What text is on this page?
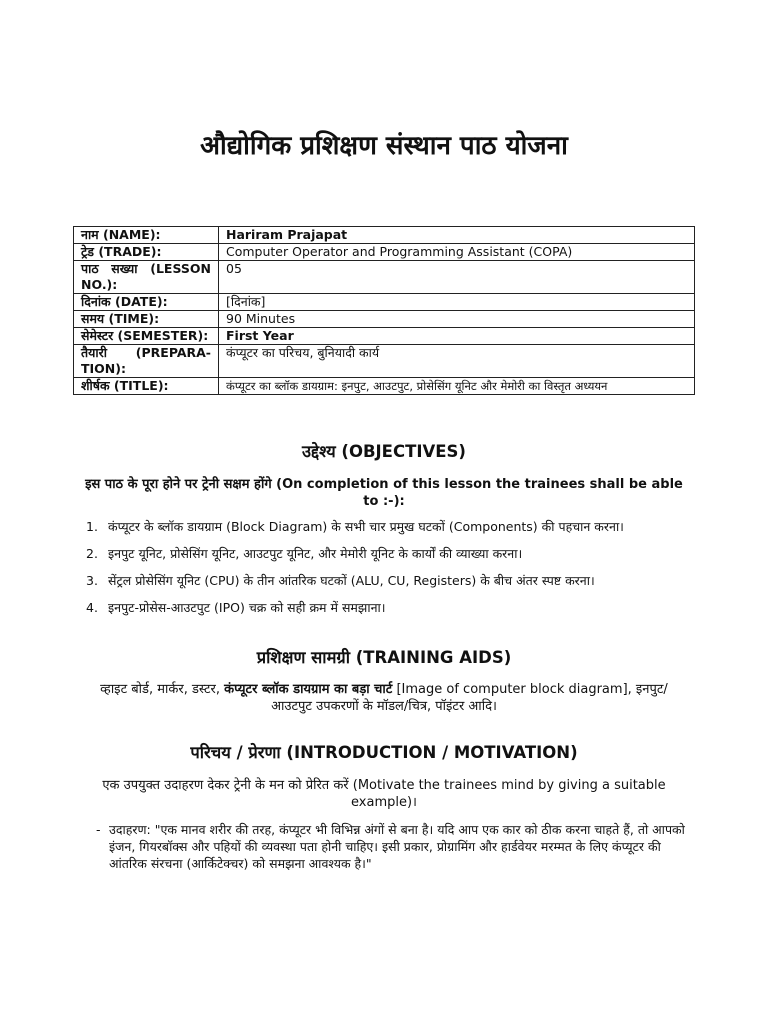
औद्योगिक प्रशिक्षण संस्थान पाठ योजना
नाम (NAME):	Hariram Prajapat
ट्रेड (TRADE):	Computer Operator and Programming Assistant (COPA)
पाठ सख्या (LESSON NO.):	05
दिनांक (DATE):	[दिनांक]
समय (TIME):	90 Minutes
सेमेस्टर (SEMESTER):	First Year
तैयारी (PREPARA-TION):	कंप्यूटर का परिचय, बुनियादी कार्य
शीर्षक (TITLE):	कंप्यूटर का ब्लॉक डायग्राम: इनपुट, आउटपुट, प्रोसेसिंग यूनिट और मेमोरी का विस्तृत अध्ययन
उद्देश्य (OBJECTIVES)
इस पाठ के पूरा होने पर ट्रेनी सक्षम होंगे (On completion of this lesson the trainees shall be able to :-):
1. कंप्यूटर के ब्लॉक डायग्राम (Block Diagram) के सभी चार प्रमुख घटकों (Components) की पहचान करना।
2. इनपुट यूनिट, प्रोसेसिंग यूनिट, आउटपुट यूनिट, और मेमोरी यूनिट के कार्यों की व्याख्या करना।
3. सेंट्रल प्रोसेसिंग यूनिट (CPU) के तीन आंतरिक घटकों (ALU, CU, Registers) के बीच अंतर स्पष्ट करना।
4. इनपुट-प्रोसेस-आउटपुट (IPO) चक्र को सही क्रम में समझाना।
प्रशिक्षण सामग्री (TRAINING AIDS)
व्हाइट बोर्ड, मार्कर, डस्टर, कंप्यूटर ब्लॉक डायग्राम का बड़ा चार्ट [Image of computer block diagram], इनपुट/आउटपुट उपकरणों के मॉडल/चित्र, पॉइंटर आदि।
परिचय / प्रेरणा (INTRODUCTION / MOTIVATION)
एक उपयुक्त उदाहरण देकर ट्रेनी के मन को प्रेरित करें (Motivate the trainees mind by giving a suitable example)।
- उदाहरण: "एक मानव शरीर की तरह, कंप्यूटर भी विभिन्न अंगों से बना है। यदि आप एक कार को ठीक करना चाहते हैं, तो आपको इंजन, गियरबॉक्स और पहियों की व्यवस्था पता होनी चाहिए। इसी प्रकार, प्रोग्रामिंग और हार्डवेयर मरम्मत के लिए कंप्यूटर की आंतरिक संरचना (आर्किटेक्चर) को समझना आवश्यक है।"
